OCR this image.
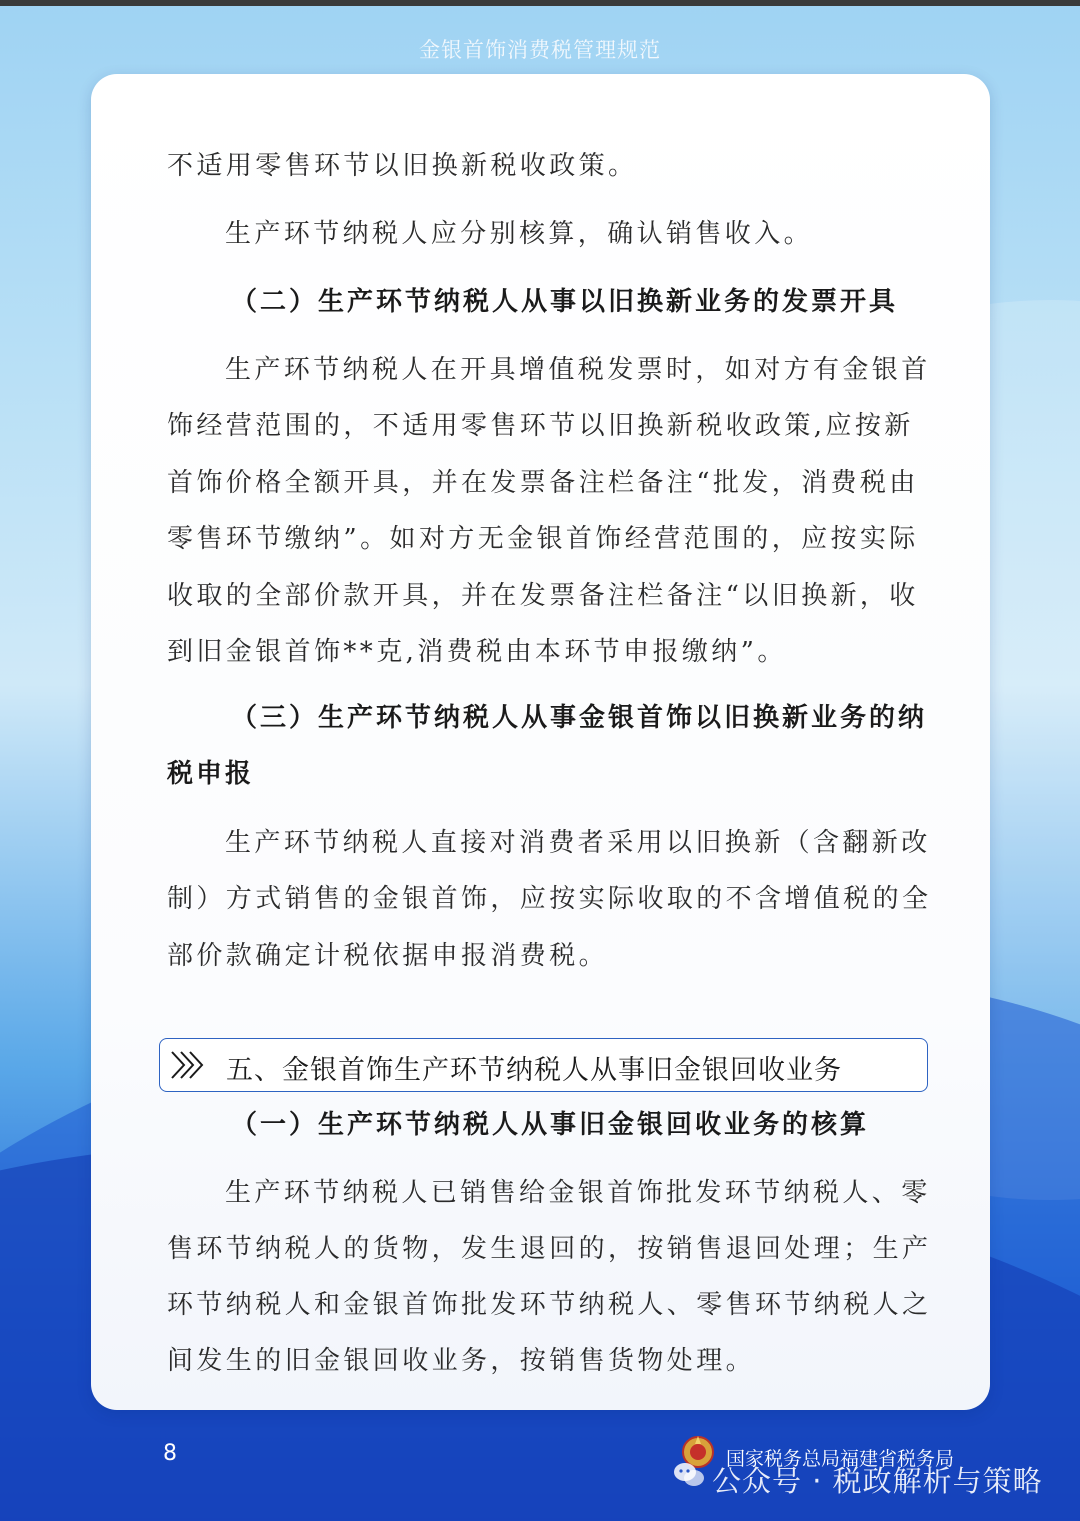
金银首饰消费税管理规范
不适用零售环节以旧换新税收政策。
生产环节纳税人应分别核算，确认销售收入。
（二）生产环节纳税人从事以旧换新业务的发票开具
生产环节纳税人在开具增值税发票时，如对方有金银首
饰经营范围的，不适用零售环节以旧换新税收政策,应按新
首饰价格全额开具，并在发票备注栏备注“批发，消费税由
零售环节缴纳”。如对方无金银首饰经营范围的，应按实际
收取的全部价款开具，并在发票备注栏备注“以旧换新，收
到旧金银首饰**克,消费税由本环节申报缴纳”。
（三）生产环节纳税人从事金银首饰以旧换新业务的纳
税申报
生产环节纳税人直接对消费者采用以旧换新（含翻新改
制）方式销售的金银首饰，应按实际收取的不含增值税的全
部价款确定计税依据申报消费税。
五、金银首饰生产环节纳税人从事旧金银回收业务
（一）生产环节纳税人从事旧金银回收业务的核算
生产环节纳税人已销售给金银首饰批发环节纳税人、零
售环节纳税人的货物，发生退回的，按销售退回处理；生产
环节纳税人和金银首饰批发环节纳税人、零售环节纳税人之
间发生的旧金银回收业务，按销售货物处理。
8	国家税务总局福建省税务局
公众号 · 税政解析与策略
